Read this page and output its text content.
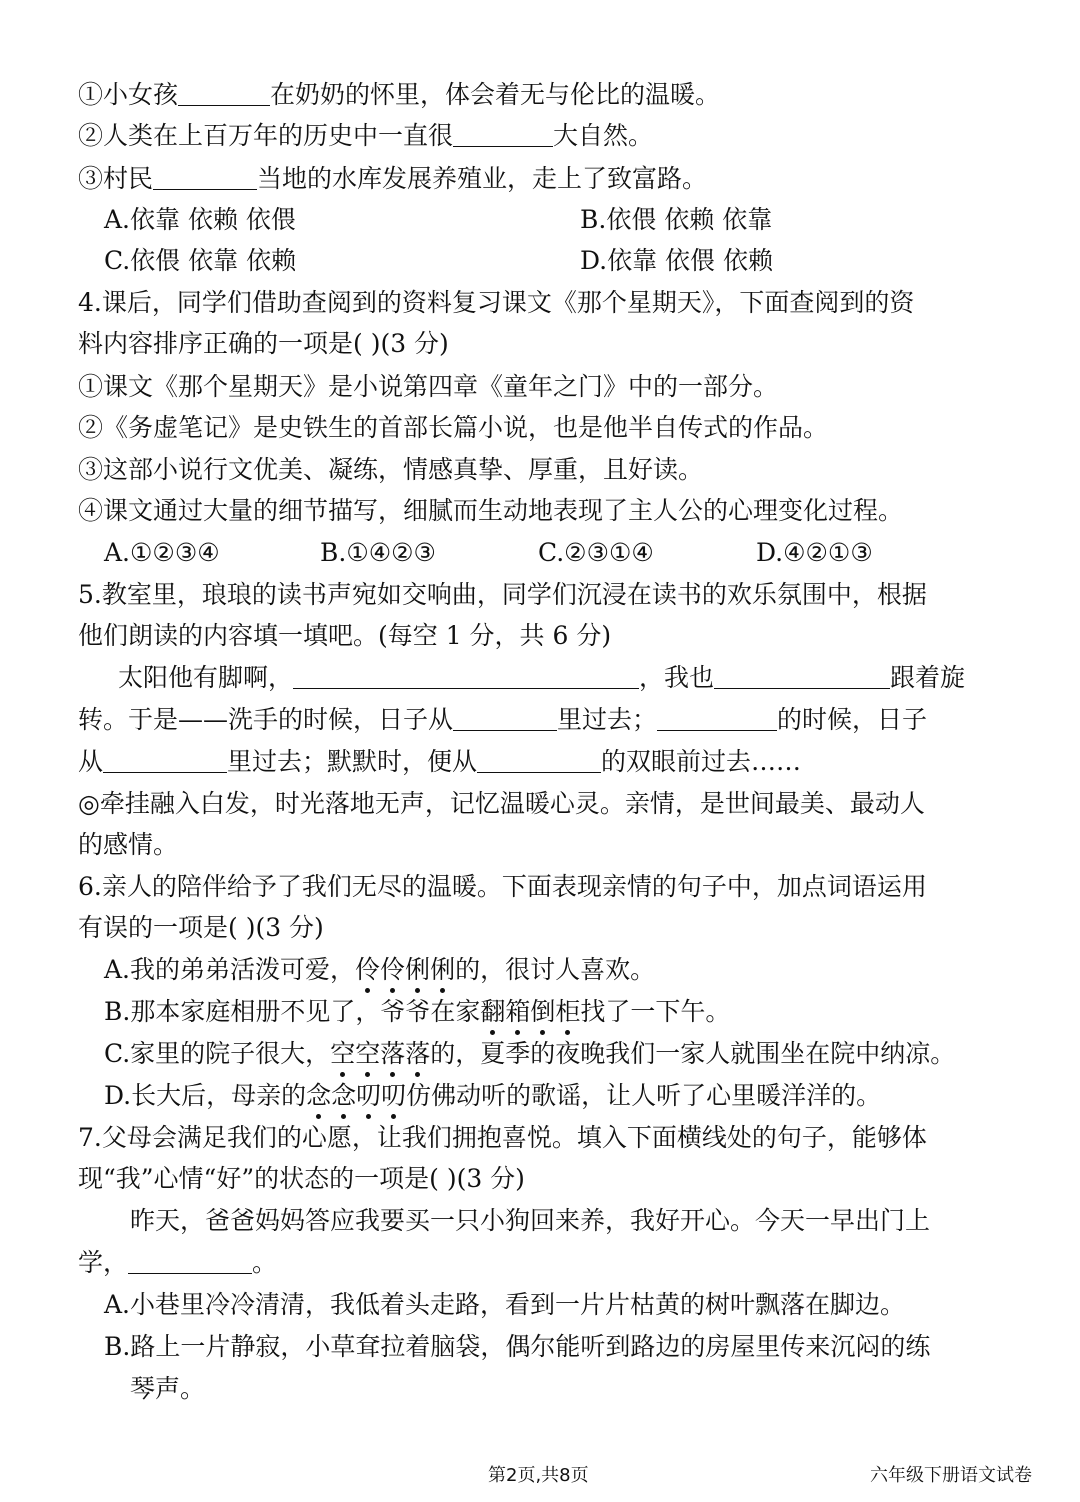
①小女孩	在奶奶的怀里，体会着无与伦比的温暖。
②人类在上百万年的历史中一直很	大自然。
③村民	当地的水库发展养殖业，走上了致富路。
A.依靠 依赖 依偎	B.依偎 依赖 依靠
C.依偎 依靠 依赖	D.依靠 依偎 依赖
4.课后，同学们借助查阅到的资料复习课文《那个星期天》，下面查阅到的资
料内容排序正确的一项是( )(3 分)
①课文《那个星期天》是小说第四章《童年之门》中的一部分。
②《务虚笔记》是史铁生的首部长篇小说，也是他半自传式的作品。
③这部小说行文优美、凝练，情感真挚、厚重，且好读。
④课文通过大量的细节描写，细腻而生动地表现了主人公的心理变化过程。
A.①②③④	B.①④②③	C.②③①④	D.④②①③
5.教室里，琅琅的读书声宛如交响曲，同学们沉浸在读书的欢乐氛围中，根据
他们朗读的内容填一填吧。(每空 1 分，共 6 分)
太阳他有脚啊，	，我也	跟着旋
转。于是——洗手的时候，日子从	里过去；	的时候，日子
从	里过去；默默时，便从	的双眼前过去……
◎牵挂融入白发，时光落地无声，记忆温暖心灵。亲情，是世间最美、最动人
的感情。
6.亲人的陪伴给予了我们无尽的温暖。下面表现亲情的句子中，加点词语运用
有误的一项是( )(3 分)
A.我的弟弟活泼可爱，伶伶俐俐的，很讨人喜欢。
B.那本家庭相册不见了，爷爷在家翻箱倒柜找了一下午。
C.家里的院子很大，空空落落的，夏季的夜晚我们一家人就围坐在院中纳凉。
D.长大后，母亲的念念叨叨仿佛动听的歌谣，让人听了心里暖洋洋的。
7.父母会满足我们的心愿，让我们拥抱喜悦。填入下面横线处的句子，能够体
现“我”心情“好”的状态的一项是( )(3 分)
昨天，爸爸妈妈答应我要买一只小狗回来养，我好开心。今天一早出门上
学，	。
A.小巷里冷冷清清，我低着头走路，看到一片片枯黄的树叶飘落在脚边。
B.路上一片静寂，小草耷拉着脑袋，偶尔能听到路边的房屋里传来沉闷的练
琴声。
第2页,共8页	六年级下册语文试卷
